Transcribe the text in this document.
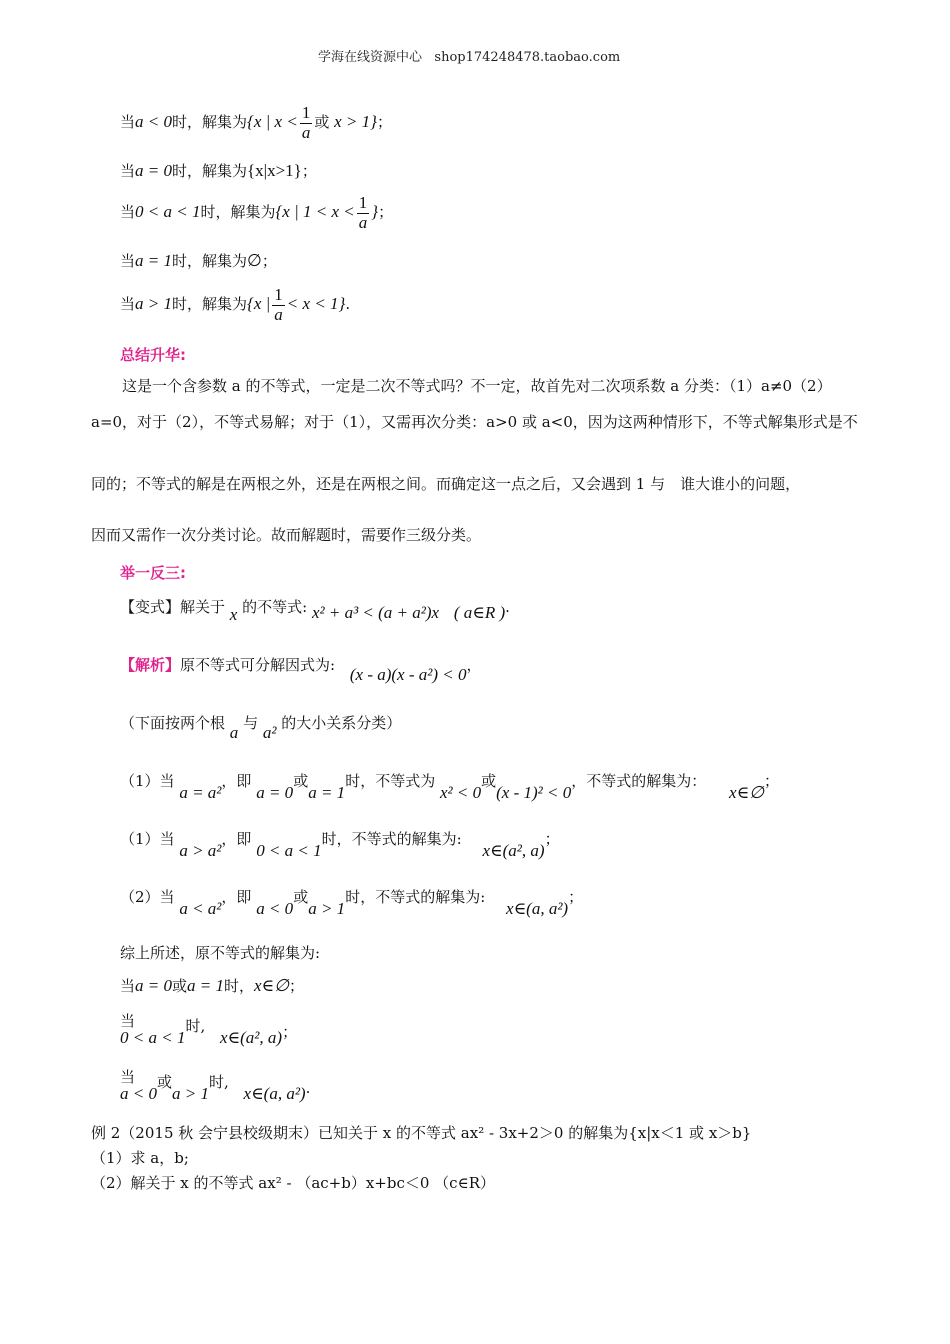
学海在线资源中心 shop174248478.taobao.com
当a < 0时，解集为{x | $x < \frac{1}{a}$ 或 x > 1}；
当a = 0时，解集为{x|x>1}；
当0 < a < 1时，解集为{x | $1 < x < \frac{1}{a}$ }；
当a = 1时，解集为∅；
当a > 1时，解集为{x | $\frac{1}{a} < x < 1$}.
总结升华:
这是一个含参数 a 的不等式，一定是二次不等式吗？不一定，故首先对二次项系数 a 分类：（1）a≠0（2）
a=0，对于（2），不等式易解；对于（1），又需再次分类：a>0 或 a<0，因为这两种情形下，不等式解集形式是不
同的；不等式的解是在两根之外，还是在两根之间。而确定这一点之后，又会遇到 1 与　谁大谁小的问题，
因而又需作一次分类讨论。故而解题时，需要作三级分类。
举一反三:
【变式】解关于 x 的不等式: x² + a³ < (a + a²)x ( a∈R ).
【解析】原不等式可分解因式为: (x - a)(x - a²) < 0，
（下面按两个根 a 与 a² 的大小关系分类）
（1）当 a = a²，即 a = 0或a = 1时，不等式为 x² < 0或(x - 1)² < 0，不等式的解集为： x∈∅；
（1）当 a > a²，即 0 < a < 1时，不等式的解集为: x∈(a², a)；
（2）当 a < a²，即 a < 0或a > 1时，不等式的解集为: x∈(a, a²)；
综上所述，原不等式的解集为:
当a = 0或a = 1时，x∈∅；
当
0 < a < 1时, x∈(a², a)；
当
a < 0或a > 1时, x∈(a, a²).
例 2（2015 秋 会宁县校级期末）已知关于 x 的不等式 ax² - 3x+2＞0 的解集为{x|x＜1 或 x＞b}
（1）求 a，b;
（2）解关于 x 的不等式 ax² - （ac+b）x+bc＜0 （c∈R）
